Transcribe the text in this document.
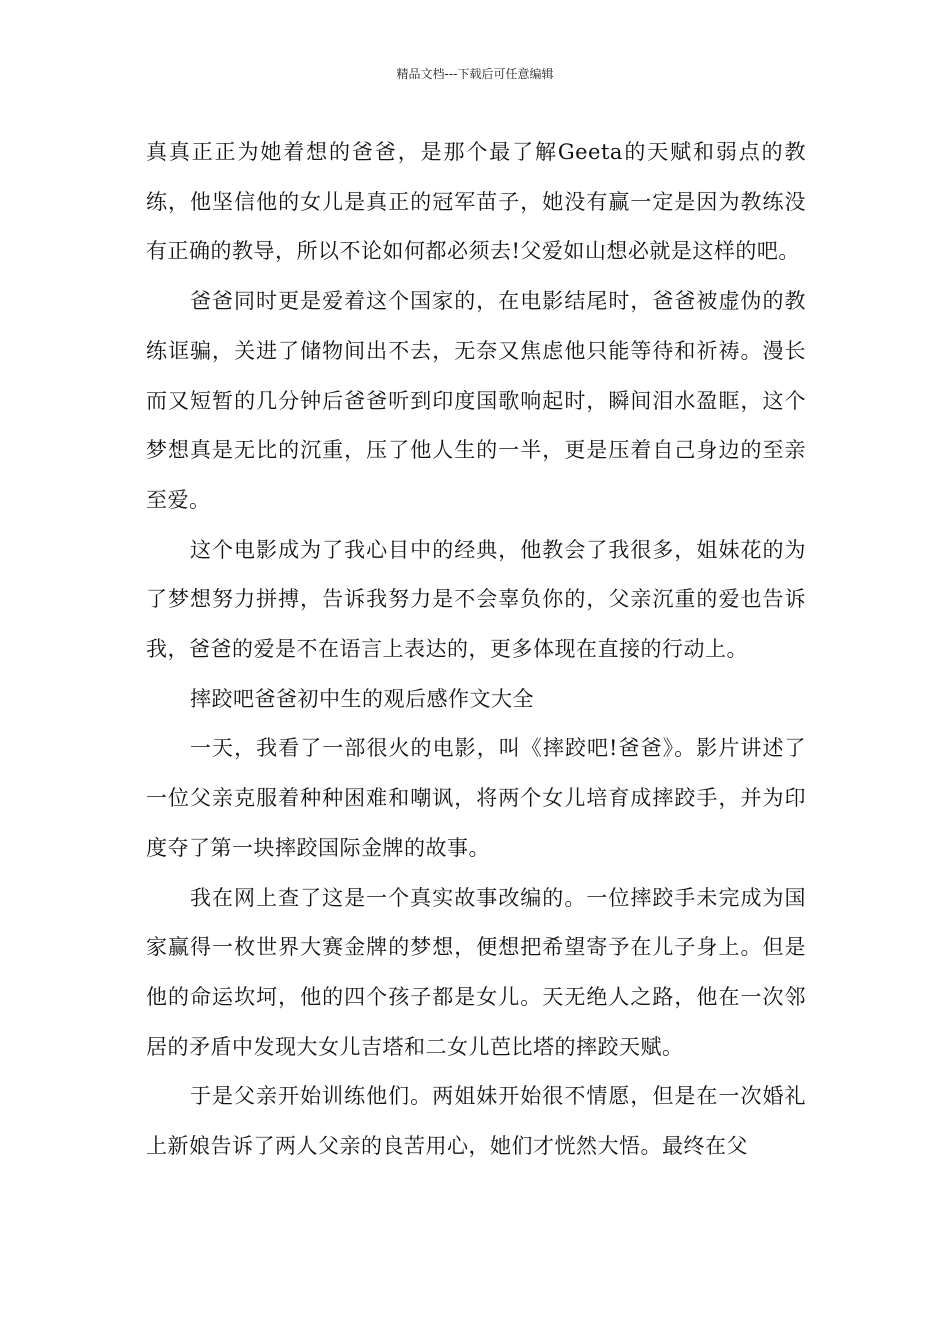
精品文档---下载后可任意编辑

真真正正为她着想的爸爸，是那个最了解Geeta的天赋和弱点的教练，他坚信他的女儿是真正的冠军苗子，她没有赢一定是因为教练没有正确的教导，所以不论如何都必须去!父爱如山想必就是这样的吧。

爸爸同时更是爱着这个国家的，在电影结尾时，爸爸被虚伪的教练诓骗，关进了储物间出不去，无奈又焦虑他只能等待和祈祷。漫长而又短暂的几分钟后爸爸听到印度国歌响起时，瞬间泪水盈眶，这个梦想真是无比的沉重，压了他人生的一半，更是压着自己身边的至亲至爱。

这个电影成为了我心目中的经典，他教会了我很多，姐妹花的为了梦想努力拼搏，告诉我努力是不会辜负你的，父亲沉重的爱也告诉我，爸爸的爱是不在语言上表达的，更多体现在直接的行动上。

摔跤吧爸爸初中生的观后感作文大全

一天，我看了一部很火的电影，叫《摔跤吧!爸爸》。影片讲述了一位父亲克服着种种困难和嘲讽，将两个女儿培育成摔跤手，并为印度夺了第一块摔跤国际金牌的故事。

我在网上查了这是一个真实故事改编的。一位摔跤手未完成为国家赢得一枚世界大赛金牌的梦想，便想把希望寄予在儿子身上。但是他的命运坎坷，他的四个孩子都是女儿。天无绝人之路，他在一次邻居的矛盾中发现大女儿吉塔和二女儿芭比塔的摔跤天赋。

于是父亲开始训练他们。两姐妹开始很不情愿，但是在一次婚礼上新娘告诉了两人父亲的良苦用心，她们才恍然大悟。最终在父
